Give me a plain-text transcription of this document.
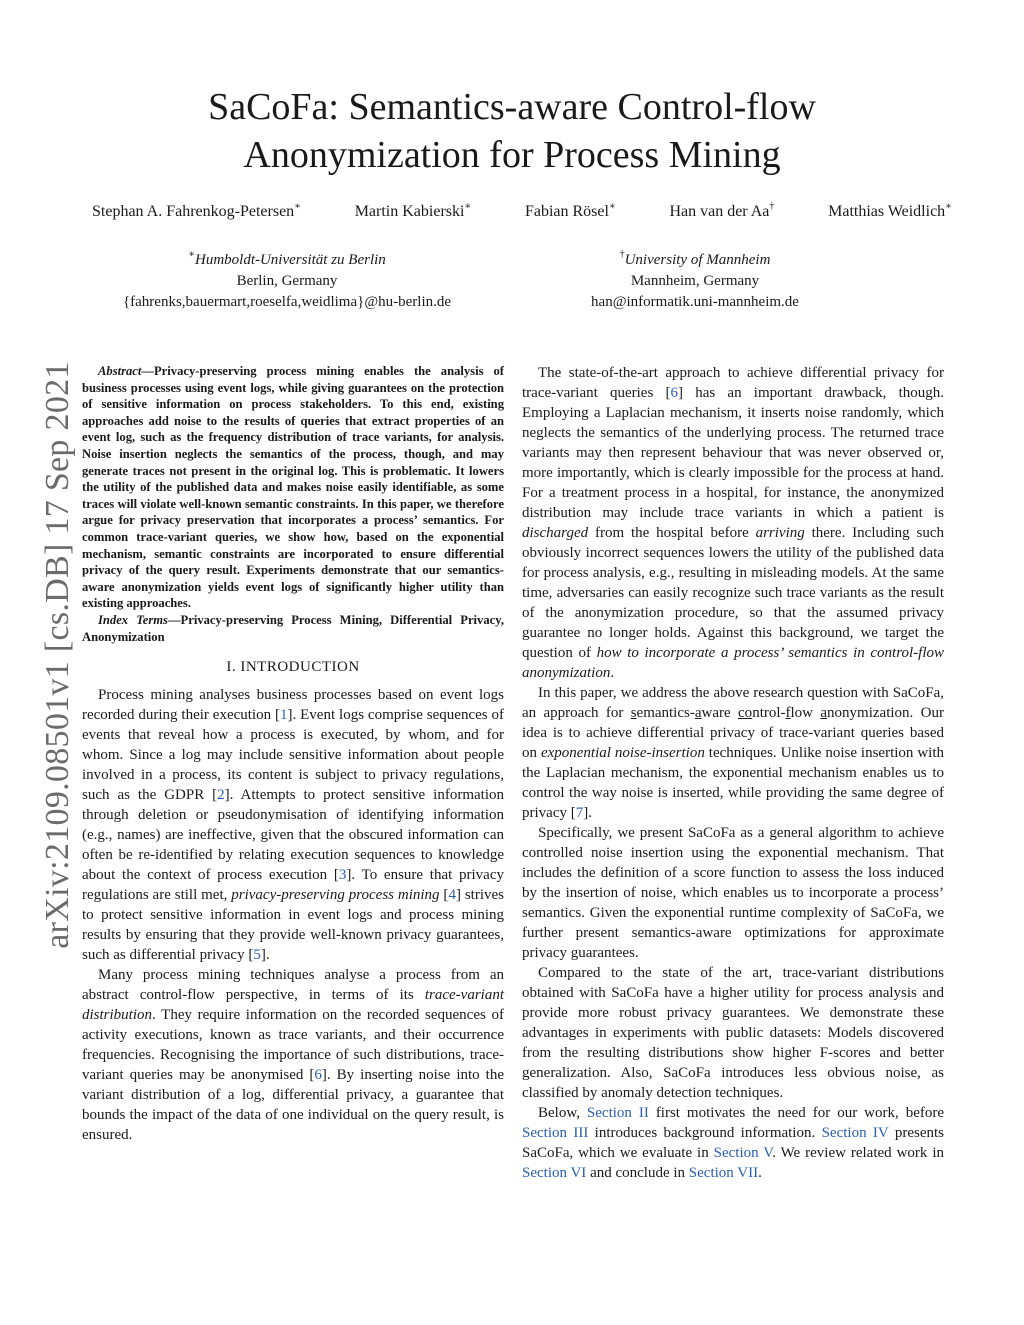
SaCoFa: Semantics-aware Control-flow
Anonymization for Process Mining
Stephan A. Fahrenkog-Petersen∗	Martin Kabierski∗	Fabian Rösel∗	Han van der Aa†	Matthias Weidlich∗
∗Humboldt-Universität zu Berlin
Berlin, Germany
{fahrenks,bauermart,roeselfa,weidlima}@hu-berlin.de
†University of Mannheim
Mannheim, Germany
han@informatik.uni-mannheim.de
arXiv:2109.08501v1 [cs.DB] 17 Sep 2021	Abstract—Privacy-preserving process mining enables the analysis of business processes using event logs, while giving guarantees on the protection of sensitive information on process stakeholders. To this end, existing approaches add noise to the results of queries that extract properties of an event log, such as the frequency distribution of trace variants, for analysis. Noise insertion neglects the semantics of the process, though, and may generate traces not present in the original log. This is problematic. It lowers the utility of the published data and makes noise easily identifiable, as some traces will violate well-known semantic constraints. In this paper, we therefore argue for privacy preservation that incorporates a process’ semantics. For common trace-variant queries, we show how, based on the exponential mechanism, semantic constraints are incorporated to ensure differential privacy of the query result. Experiments demonstrate that our semantics-aware anonymization yields event logs of significantly higher utility than existing approaches.

Index Terms—Privacy-preserving Process Mining, Differential Privacy, Anonymization

I. INTRODUCTION

Process mining analyses business processes based on event logs recorded during their execution [1]. Event logs comprise sequences of events that reveal how a process is executed, by whom, and for whom. Since a log may include sensitive information about people involved in a process, its content is subject to privacy regulations, such as the GDPR [2]. Attempts to protect sensitive information through deletion or pseudonymisation of identifying information (e.g., names) are ineffective, given that the obscured information can often be re-identified by relating execution sequences to knowledge about the context of process execution [3]. To ensure that privacy regulations are still met, privacy-preserving process mining [4] strives to protect sensitive information in event logs and process mining results by ensuring that they provide well-known privacy guarantees, such as differential privacy [5].

Many process mining techniques analyse a process from an abstract control-flow perspective, in terms of its trace-variant distribution. They require information on the recorded sequences of activity executions, known as trace variants, and their occurrence frequencies. Recognising the importance of such distributions, trace-variant queries may be anonymised [6]. By inserting noise into the variant distribution of a log, differential privacy, a guarantee that bounds the impact of the data of one individual on the query result, is ensured.

The state-of-the-art approach to achieve differential privacy for trace-variant queries [6] has an important drawback, though. Employing a Laplacian mechanism, it inserts noise randomly, which neglects the semantics of the underlying process. The returned trace variants may then represent behaviour that was never observed or, more importantly, which is clearly impossible for the process at hand. For a treatment process in a hospital, for instance, the anonymized distribution may include trace variants in which a patient is discharged from the hospital before arriving there. Including such obviously incorrect sequences lowers the utility of the published data for process analysis, e.g., resulting in misleading models. At the same time, adversaries can easily recognize such trace variants as the result of the anonymization procedure, so that the assumed privacy guarantee no longer holds. Against this background, we target the question of how to incorporate a process’ semantics in control-flow anonymization.

In this paper, we address the above research question with SaCoFa, an approach for semantics-aware control-flow anonymization. Our idea is to achieve differential privacy of trace-variant queries based on exponential noise-insertion techniques. Unlike noise insertion with the Laplacian mechanism, the exponential mechanism enables us to control the way noise is inserted, while providing the same degree of privacy [7].

Specifically, we present SaCoFa as a general algorithm to achieve controlled noise insertion using the exponential mechanism. That includes the definition of a score function to assess the loss induced by the insertion of noise, which enables us to incorporate a process’ semantics. Given the exponential runtime complexity of SaCoFa, we further present semantics-aware optimizations for approximate privacy guarantees.

Compared to the state of the art, trace-variant distributions obtained with SaCoFa have a higher utility for process analysis and provide more robust privacy guarantees. We demonstrate these advantages in experiments with public datasets: Models discovered from the resulting distributions show higher F-scores and better generalization. Also, SaCoFa introduces less obvious noise, as classified by anomaly detection techniques.

Below, Section II first motivates the need for our work, before Section III introduces background information. Section IV presents SaCoFa, which we evaluate in Section V. We review related work in Section VI and conclude in Section VII.
